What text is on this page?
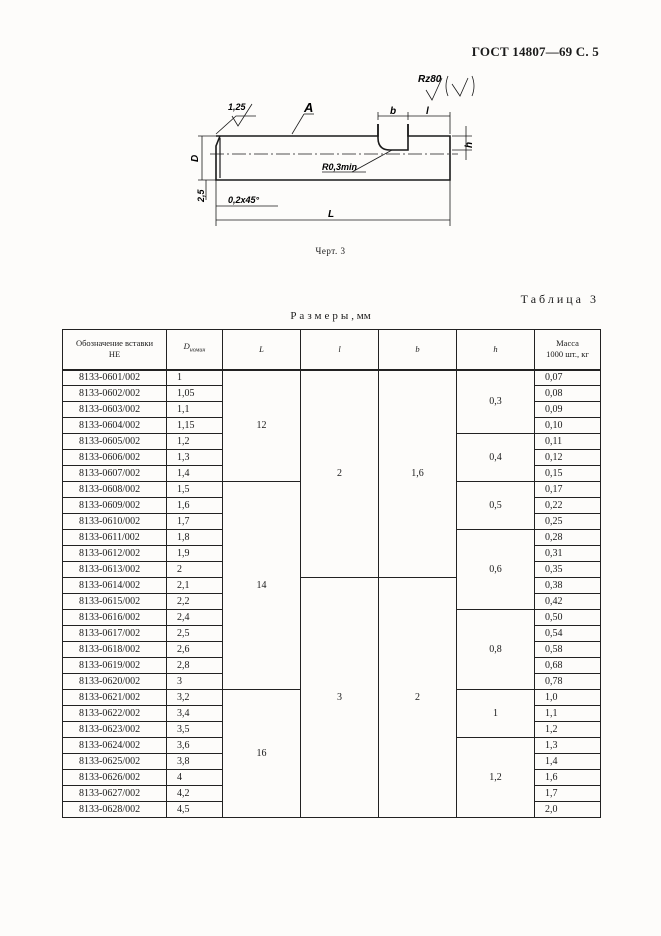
ГОСТ 14807—69 С. 5
Rz80
A
1,25	b	l
h
D
2,5
R0,3min
0,2x45°
L
Черт. 3
Таблица 3
Размеры, мм
Обозначение вставки
НЕ	$D_{номин}$	L	l	b	h	Масса
1000 шт., кг
8133-0601/002	1	12	2	1,6	0,3	0,07
8133-0602/002	1,05					0,08
8133-0603/002	1,1					0,09
8133-0604/002	1,15					0,10
8133-0605/002	1,2				0,4	0,11
8133-0606/002	1,3					0,12
8133-0607/002	1,4					0,15
8133-0608/002	1,5	14			0,5	0,17
8133-0609/002	1,6					0,22
8133-0610/002	1,7					0,25
8133-0611/002	1,8				0,6	0,28
8133-0612/002	1,9					0,31
8133-0613/002	2					0,35
8133-0614/002	2,1		3	2		0,38
8133-0615/002	2,2					0,42
8133-0616/002	2,4				0,8	0,50
8133-0617/002	2,5					0,54
8133-0618/002	2,6					0,58
8133-0619/002	2,8					0,68
8133-0620/002	3					0,78
8133-0621/002	3,2	16			1	1,0
8133-0622/002	3,4					1,1
8133-0623/002	3,5					1,2
8133-0624/002	3,6				1,2	1,3
8133-0625/002	3,8					1,4
8133-0626/002	4					1,6
8133-0627/002	4,2					1,7
8133-0628/002	4,5					2,0
